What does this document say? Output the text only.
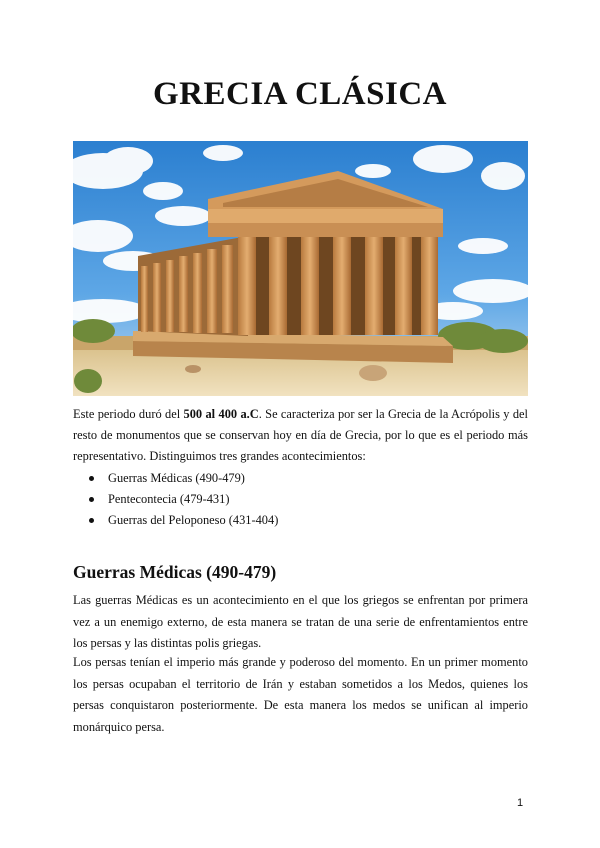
GRECIA CLÁSICA

Este periodo duró del 500 al 400 a.C. Se caracteriza por ser la Grecia de la Acrópolis y del resto de monumentos que se conservan hoy en día de Grecia, por lo que es el periodo más representativo. Distinguimos tres grandes acontecimientos:

Guerras Médicas (490-479)
Pentecontecia (479-431)
Guerras del Peloponeso (431-404)
Guerras Médicas (490-479)

Las guerras Médicas es un acontecimiento en el que los griegos se enfrentan por primera vez a un enemigo externo, de esta manera se tratan de una serie de enfrentamientos entre los persas y las distintas polis griegas.

Los persas tenían el imperio más grande y poderoso del momento. En un primer momento los persas ocupaban el territorio de Irán y estaban sometidos a los Medos, quienes los persas conquistaron posteriormente. De esta manera los medos se unifican al imperio monárquico persa.

1
